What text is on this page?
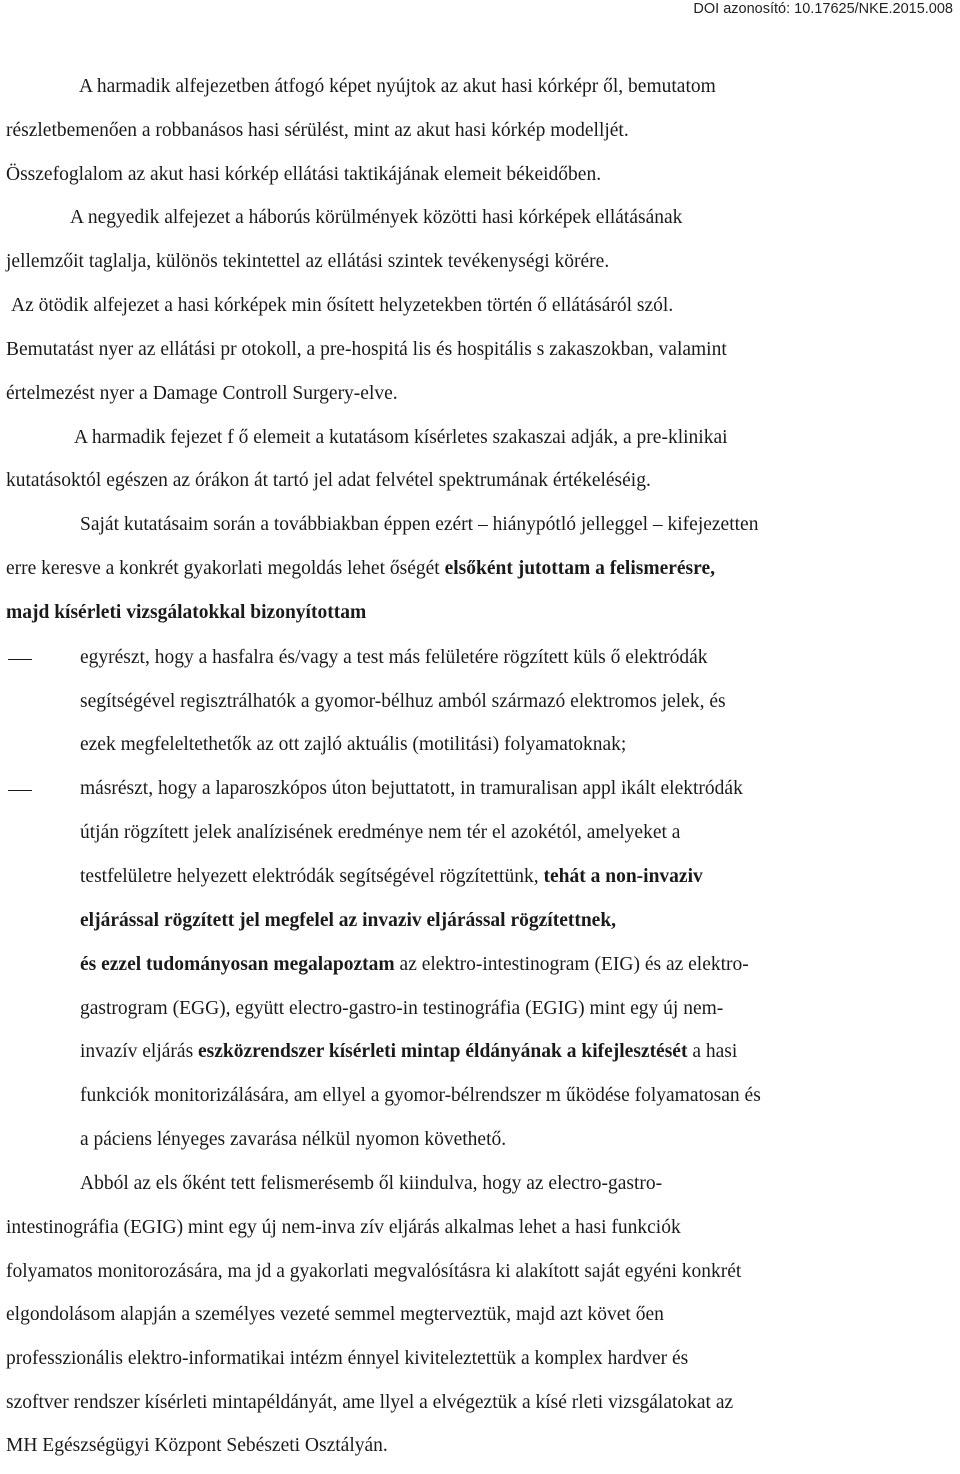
DOI azonosító: 10.17625/NKE.2015.008
A harmadik alfejezetben átfogó képet nyújtok az akut hasi kórképr ől, bemutatom
részletbemenően a robbanásos hasi sérülést, mint az akut hasi kórkép modelljét.
Összefoglalom az akut hasi kórkép ellátási taktikájának elemeit békeidőben.
A negyedik alfejezet a háborús körülmények közötti hasi kórképek ellátásának
jellemzőit taglalja, különös tekintettel az ellátási szintek tevékenységi körére.
Az ötödik alfejezet a hasi kórképek min ősített helyzetekben történ ő ellátásáról szól.
Bemutatást nyer az ellátási pr otokoll, a pre-hospitá lis és hospitális s zakaszokban, valamint
értelmezést nyer a Damage Controll Surgery-elve.
A harmadik fejezet f ő elemeit a kutatásom kísérletes szakaszai adják, a pre-klinikai
kutatásoktól egészen az órákon át tartó jel adat felvétel spektrumának értékeléséig.
Saját kutatásaim során a továbbiakban éppen ezért – hiánypótló jelleggel – kifejezetten
erre keresve a konkrét gyakorlati megoldás lehet őségét elsőként jutottam a felismerésre,
majd kísérleti vizsgálatokkal bizonyítottam
egyrészt, hogy a hasfalra és/vagy a test más felületére rögzített küls ő elektródák
segítségével regisztrálhatók a gyomor-bélhuz amból származó elektromos jelek, és
ezek megfeleltethetők az ott zajló aktuális (motilitási) folyamatoknak;
másrészt, hogy a laparoszkópos úton bejuttatott, in tramuralisan appl ikált elektródák
útján rögzített jelek analízisének eredménye nem tér el azokétól, amelyeket a
testfelületre helyezett elektródák segítségével rögzítettünk, tehát a non-invaziv
eljárással rögzített jel megfelel az invaziv eljárással rögzítettnek,
és ezzel tudományosan megalapoztam az elektro-intestinogram (EIG) és az elektro-
gastrogram (EGG), együtt electro-gastro-in testinográfia (EGIG) mint egy új nem-
invazív eljárás eszközrendszer kísérleti mintap éldányának a kifejlesztését a hasi
funkciók monitorizálására, am ellyel a gyomor-bélrendszer m űködése folyamatosan és
a páciens lényeges zavarása nélkül nyomon követhető.
Abból az els őként tett felismerésemb ől kiindulva, hogy az electro-gastro-
intestinográfia (EGIG) mint egy új nem-inva zív eljárás alkalmas lehet a hasi funkciók
folyamatos monitorozására, ma jd a gyakorlati megvalósításra ki alakított saját egyéni konkrét
elgondolásom alapján a személyes vezeté semmel megterveztük, majd azt követ ően
professzionális elektro-informatikai intézm énnyel kiviteleztettük a komplex hardver és
szoftver rendszer kísérleti mintapéldányát, ame llyel a elvégeztük a kísé rleti vizsgálatokat az
MH Egészségügyi Központ Sebészeti Osztályán.
